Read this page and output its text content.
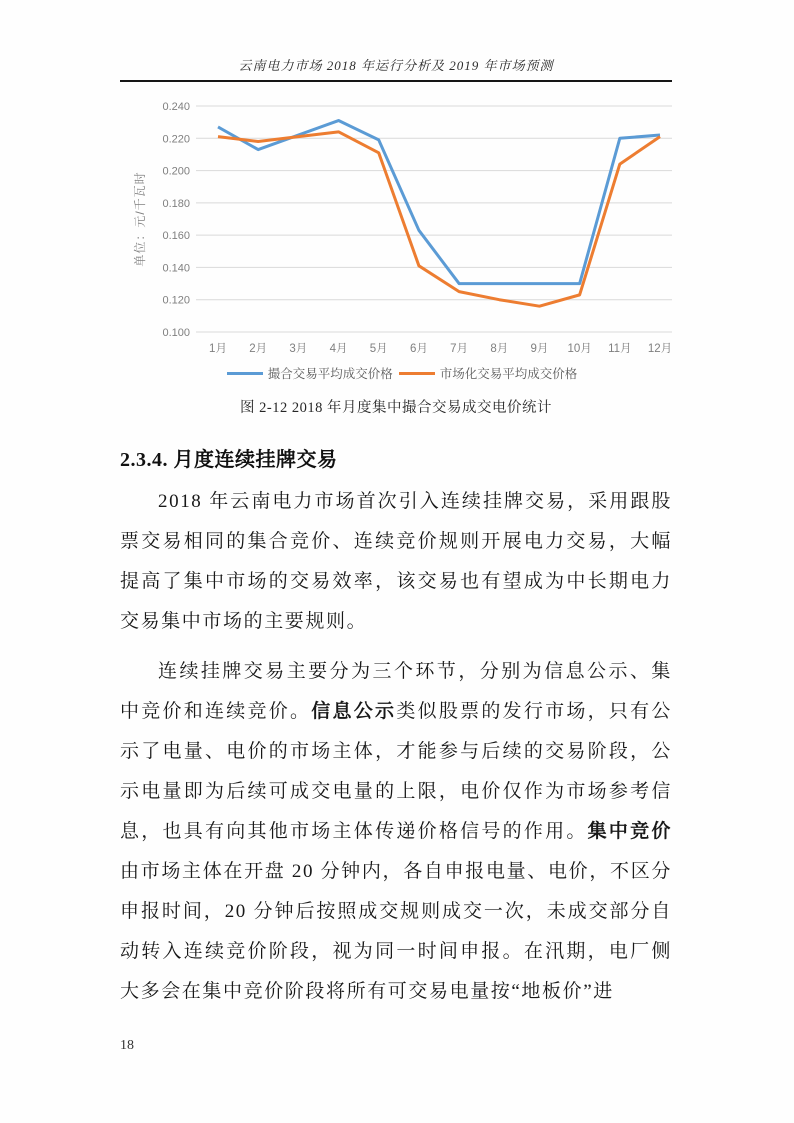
云南电力市场 2018 年运行分析及 2019 年市场预测
0.100
0.120
0.140
0.160
0.180
0.200
0.220
0.240
1月 2月 3月 4月 5月 6月 7月 8月 9月 10月 11月 12月
单位：元/千瓦时
撮合交易平均成交价格	市场化交易平均成交价格
图 2-12 2018 年月度集中撮合交易成交电价统计
2.3.4. 月度连续挂牌交易

2018 年云南电力市场首次引入连续挂牌交易，采用跟股票交易相同的集合竞价、连续竞价规则开展电力交易，大幅提高了集中市场的交易效率，该交易也有望成为中长期电力交易集中市场的主要规则。

连续挂牌交易主要分为三个环节，分别为信息公示、集中竞价和连续竞价。信息公示类似股票的发行市场，只有公示了电量、电价的市场主体，才能参与后续的交易阶段，公示电量即为后续可成交电量的上限，电价仅作为市场参考信息，也具有向其他市场主体传递价格信号的作用。集中竞价由市场主体在开盘 20 分钟内，各自申报电量、电价，不区分申报时间，20 分钟后按照成交规则成交一次，未成交部分自动转入连续竞价阶段，视为同一时间申报。在汛期，电厂侧大多会在集中竞价阶段将所有可交易电量按“地板价”进

18
